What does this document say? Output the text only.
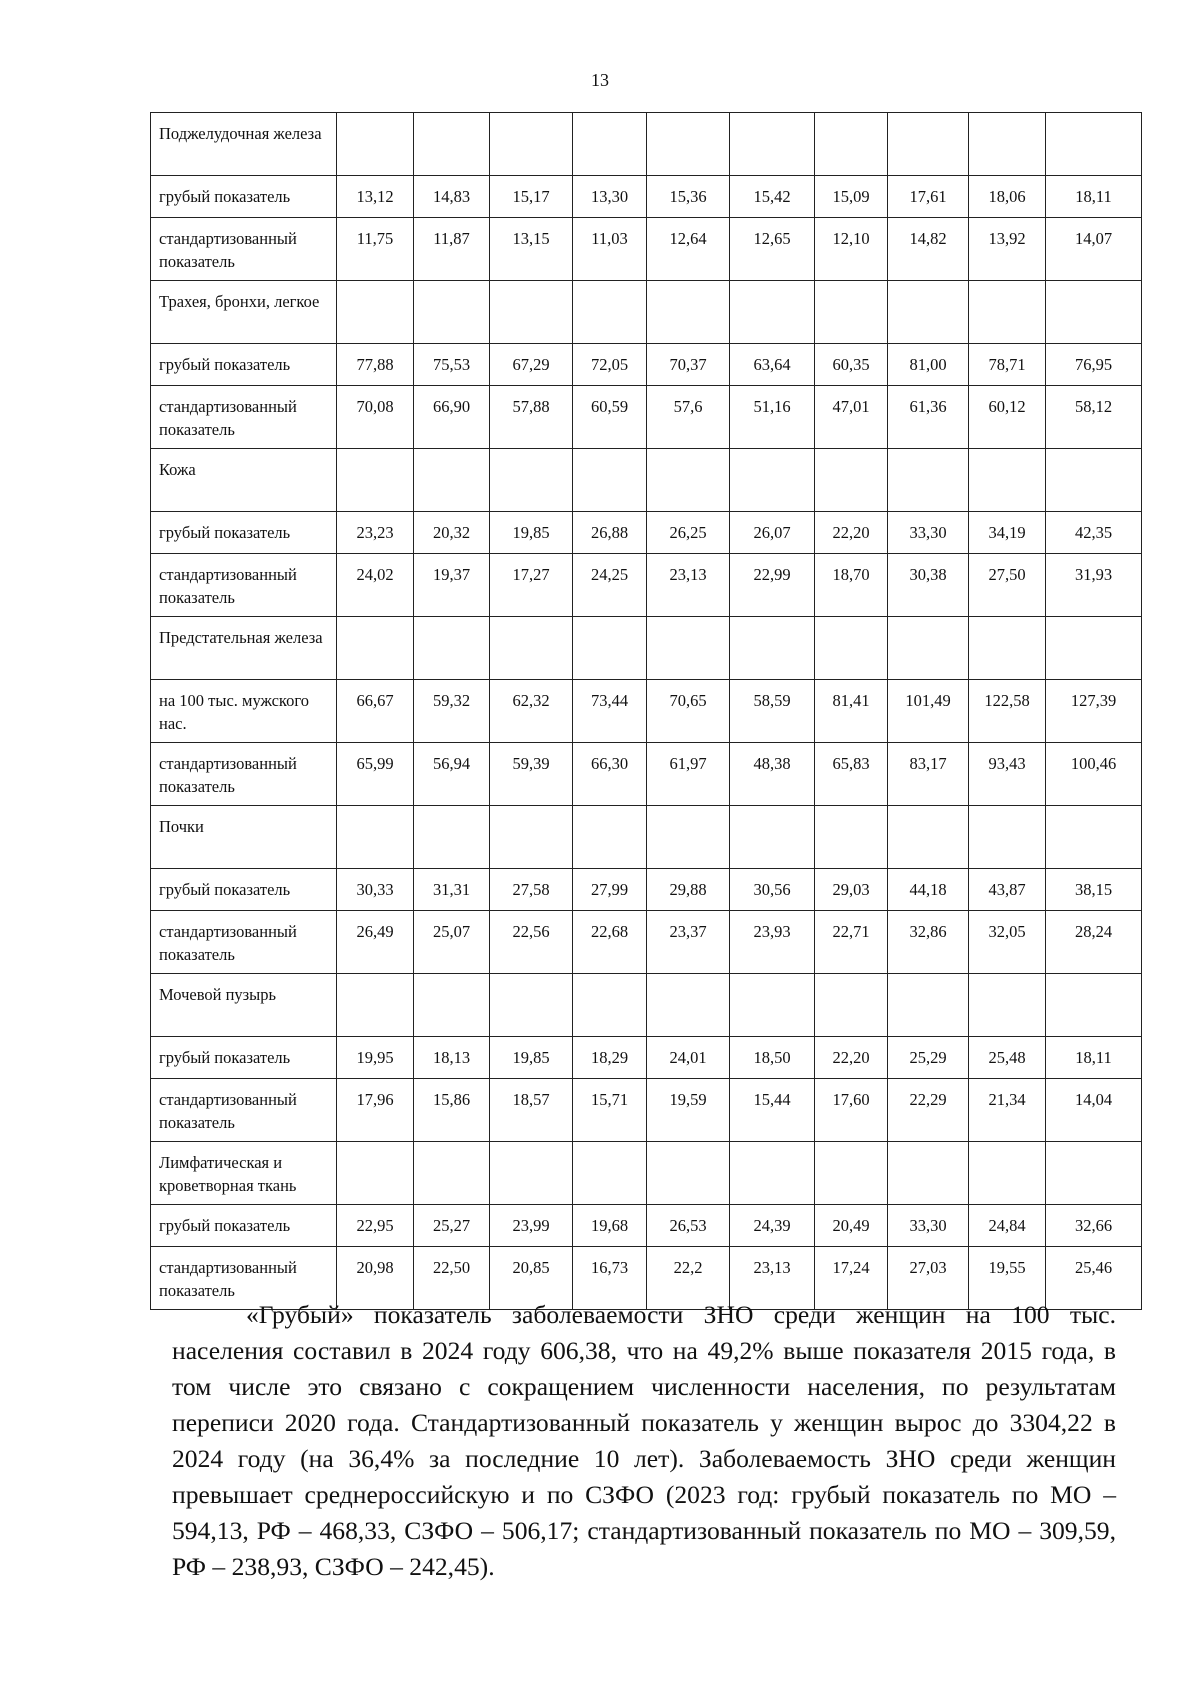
13
Поджелудочная железа										
грубый показатель	13,12	14,83	15,17	13,30	15,36	15,42	15,09	17,61	18,06	18,11
стандартизованный показатель	11,75	11,87	13,15	11,03	12,64	12,65	12,10	14,82	13,92	14,07
Трахея, бронхи, легкое										
грубый показатель	77,88	75,53	67,29	72,05	70,37	63,64	60,35	81,00	78,71	76,95
стандартизованный показатель	70,08	66,90	57,88	60,59	57,6	51,16	47,01	61,36	60,12	58,12
Кожа										
грубый показатель	23,23	20,32	19,85	26,88	26,25	26,07	22,20	33,30	34,19	42,35
стандартизованный показатель	24,02	19,37	17,27	24,25	23,13	22,99	18,70	30,38	27,50	31,93
Предстательная железа										
на 100 тыс. мужского нас.	66,67	59,32	62,32	73,44	70,65	58,59	81,41	101,49	122,58	127,39
стандартизованный показатель	65,99	56,94	59,39	66,30	61,97	48,38	65,83	83,17	93,43	100,46
Почки										
грубый показатель	30,33	31,31	27,58	27,99	29,88	30,56	29,03	44,18	43,87	38,15
стандартизованный показатель	26,49	25,07	22,56	22,68	23,37	23,93	22,71	32,86	32,05	28,24
Мочевой пузырь										
грубый показатель	19,95	18,13	19,85	18,29	24,01	18,50	22,20	25,29	25,48	18,11
стандартизованный показатель	17,96	15,86	18,57	15,71	19,59	15,44	17,60	22,29	21,34	14,04
Лимфатическая и кроветворная ткань										
грубый показатель	22,95	25,27	23,99	19,68	26,53	24,39	20,49	33,30	24,84	32,66
стандартизованный показатель	20,98	22,50	20,85	16,73	22,2	23,13	17,24	27,03	19,55	25,46

«Грубый» показатель заболеваемости ЗНО среди женщин на 100 тыс. населения составил в 2024 году 606,38, что на 49,2% выше показателя 2015 года, в том числе это связано с сокращением численности населения, по результатам переписи 2020 года. Стандартизованный показатель у женщин вырос до 3304,22 в 2024 году (на 36,4% за последние 10 лет). Заболеваемость ЗНО среди женщин превышает среднероссийскую и по СЗФО (2023 год: грубый показатель по МО – 594,13, РФ – 468,33, СЗФО – 506,17; стандартизованный показатель по МО – 309,59, РФ – 238,93, СЗФО – 242,45).
